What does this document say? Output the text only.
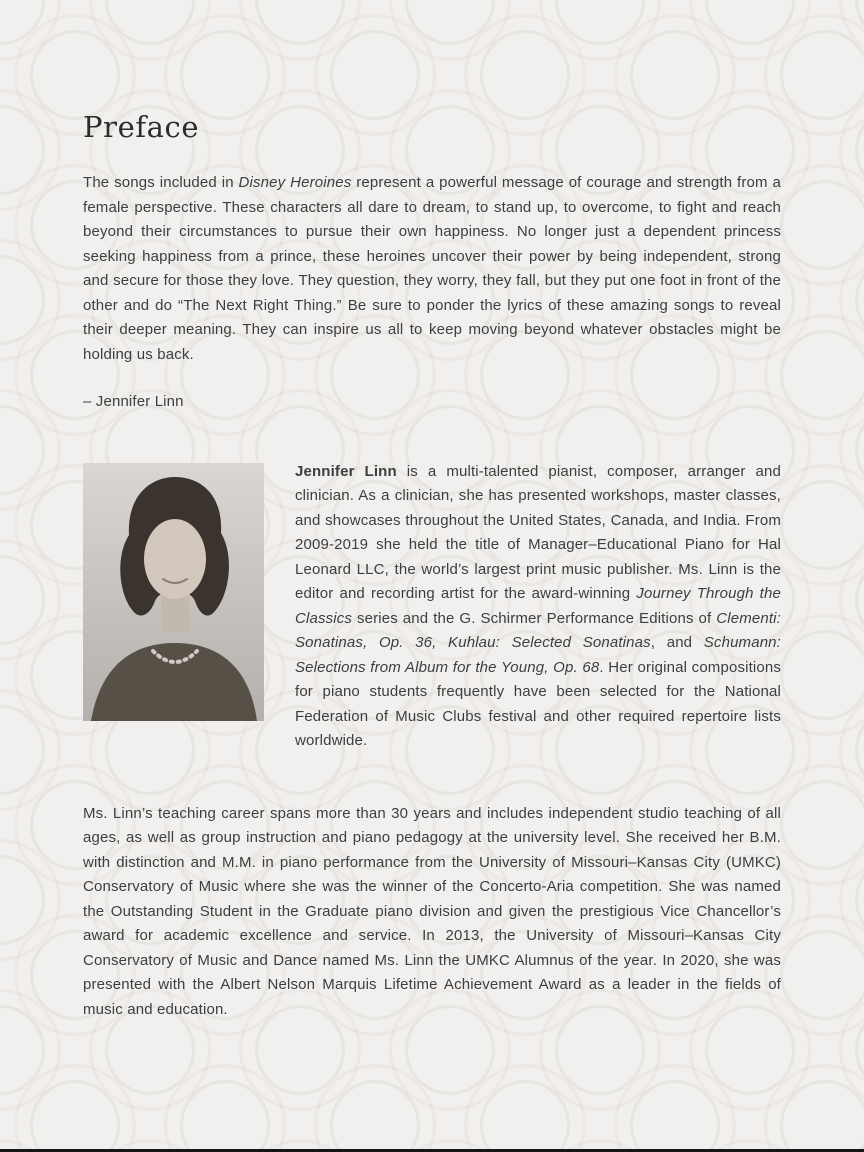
Preface

The songs included in Disney Heroines represent a powerful message of courage and strength from a female perspective. These characters all dare to dream, to stand up, to overcome, to fight and reach beyond their circumstances to pursue their own happiness. No longer just a dependent princess seeking happiness from a prince, these heroines uncover their power by being independent, strong and secure for those they love. They question, they worry, they fall, but they put one foot in front of the other and do “The Next Right Thing.” Be sure to ponder the lyrics of these amazing songs to reveal their deeper meaning. They can inspire us all to keep moving beyond whatever obstacles might be holding us back.

– Jennifer Linn

Jennifer Linn is a multi-talented pianist, composer, arranger and clinician. As a clinician, she has presented workshops, master classes, and showcases throughout the United States, Canada, and India. From 2009-2019 she held the title of Manager–Educational Piano for Hal Leonard LLC, the world’s largest print music publisher. Ms. Linn is the editor and recording artist for the award-winning Journey Through the Classics series and the G. Schirmer Performance Editions of Clementi: Sonatinas, Op. 36, Kuhlau: Selected Sonatinas, and Schumann: Selections from Album for the Young, Op. 68. Her original compositions for piano students frequently have been selected for the National Federation of Music Clubs festival and other required repertoire lists worldwide.

Ms. Linn’s teaching career spans more than 30 years and includes independent studio teaching of all ages, as well as group instruction and piano pedagogy at the university level. She received her B.M. with distinction and M.M. in piano performance from the University of Missouri–Kansas City (UMKC) Conservatory of Music where she was the winner of the Concerto-Aria competition. She was named the Outstanding Student in the Graduate piano division and given the prestigious Vice Chancellor’s award for academic excellence and service. In 2013, the University of Missouri–Kansas City Conservatory of Music and Dance named Ms. Linn the UMKC Alumnus of the year. In 2020, she was presented with the Albert Nelson Marquis Lifetime Achievement Award as a leader in the fields of music and education.
